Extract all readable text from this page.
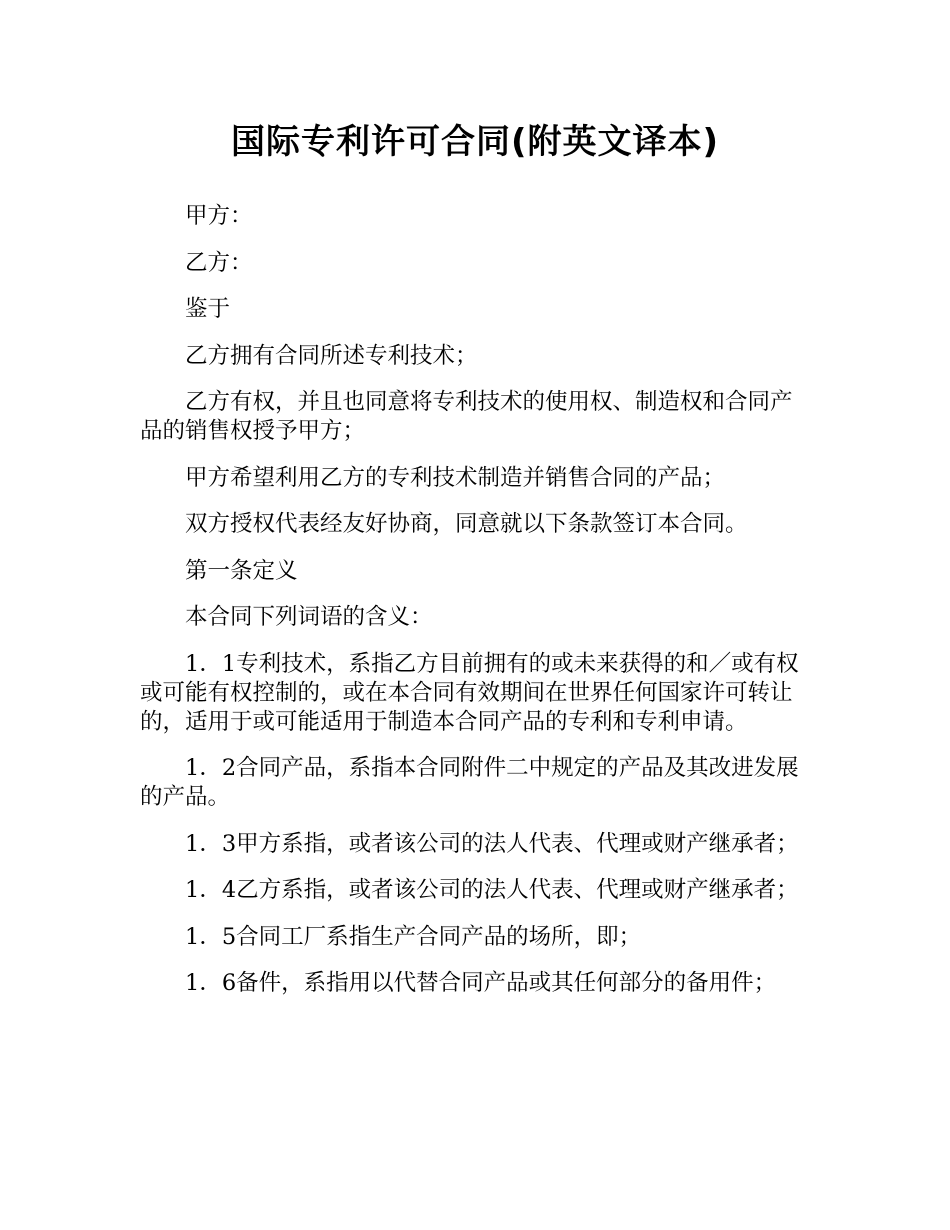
国际专利许可合同(附英文译本)

甲方：

乙方：

鉴于

乙方拥有合同所述专利技术；

乙方有权，并且也同意将专利技术的使用权、制造权和合同产品的销售权授予甲方；

甲方希望利用乙方的专利技术制造并销售合同的产品；

双方授权代表经友好协商，同意就以下条款签订本合同。

第一条定义

本合同下列词语的含义：

1．1专利技术，系指乙方目前拥有的或未来获得的和／或有权或可能有权控制的，或在本合同有效期间在世界任何国家许可转让的，适用于或可能适用于制造本合同产品的专利和专利申请。

1．2合同产品，系指本合同附件二中规定的产品及其改进发展的产品。

1．3甲方系指，或者该公司的法人代表、代理或财产继承者；

1．4乙方系指，或者该公司的法人代表、代理或财产继承者；

1．5合同工厂系指生产合同产品的场所，即；

1．6备件，系指用以代替合同产品或其任何部分的备用件；
